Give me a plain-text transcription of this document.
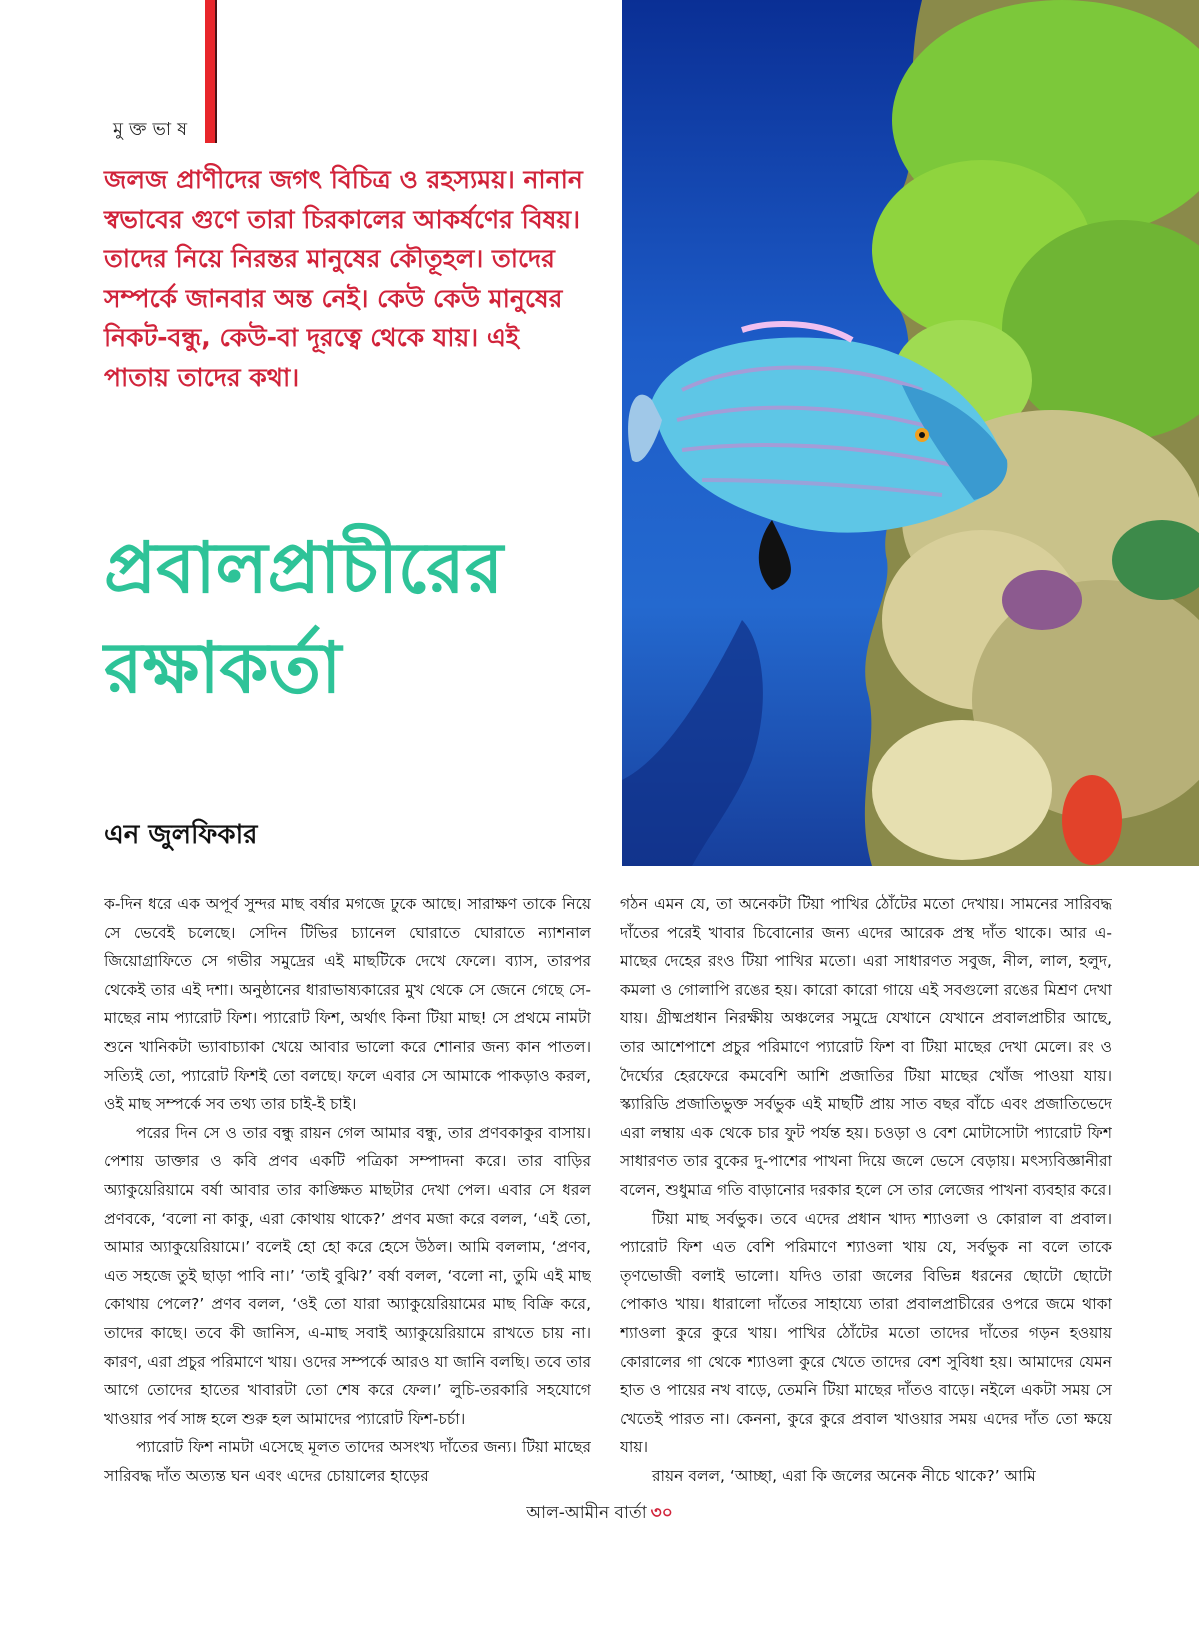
মুক্তভাষ

জলজ প্রাণীদের জগৎ বিচিত্র ও রহস্যময়। নানান স্বভাবের গুণে তারা চিরকালের আকর্ষণের বিষয়। তাদের নিয়ে নিরন্তর মানুষের কৌতূহল। তাদের সম্পর্কে জানবার অন্ত নেই। কেউ কেউ মানুষের নিকট-বন্ধু, কেউ-বা দূরত্বে থেকে যায়। এই পাতায় তাদের কথা।

প্রবালপ্রাচীরের
রক্ষাকর্তা
এন জুলফিকার

ক-দিন ধরে এক অপূর্ব সুন্দর মাছ বর্ষার মগজে ঢুকে আছে। সারাক্ষণ তাকে নিয়ে সে ভেবেই চলেছে। সেদিন টিভির চ্যানেল ঘোরাতে ঘোরাতে ন্যাশনাল জিয়োগ্রাফিতে সে গভীর সমুদ্রের এই মাছটিকে দেখে ফেলে। ব্যাস, তারপর থেকেই তার এই দশা। অনুষ্ঠানের ধারাভাষ্যকারের মুখ থেকে সে জেনে গেছে সে-মাছের নাম প্যারোট ফিশ। প্যারোট ফিশ, অর্থাৎ কিনা টিয়া মাছ! সে প্রথমে নামটা শুনে খানিকটা ভ্যাবাচ্যাকা খেয়ে আবার ভালো করে শোনার জন্য কান পাতল। সত্যিই তো, প্যারোট ফিশই তো বলছে। ফলে এবার সে আমাকে পাকড়াও করল, ওই মাছ সম্পর্কে সব তথ্য তার চাই-ই চাই।

পরের দিন সে ও তার বন্ধু রায়ন গেল আমার বন্ধু, তার প্রণবকাকুর বাসায়। পেশায় ডাক্তার ও কবি প্রণব একটি পত্রিকা সম্পাদনা করে। তার বাড়ির অ্যাকুয়েরিয়ামে বর্ষা আবার তার কাঙ্ক্ষিত মাছটার দেখা পেল। এবার সে ধরল প্রণবকে, ‘বলো না কাকু, এরা কোথায় থাকে?’ প্রণব মজা করে বলল, ‘এই তো, আমার অ্যাকুয়েরিয়ামে।’ বলেই হো হো করে হেসে উঠল। আমি বললাম, ‘প্রণব, এত সহজে তুই ছাড়া পাবি না।’ ‘তাই বুঝি?’ বর্ষা বলল, ‘বলো না, তুমি এই মাছ কোথায় পেলে?’ প্রণব বলল, ‘ওই তো যারা অ্যাকুয়েরিয়ামের মাছ বিক্রি করে, তাদের কাছে। তবে কী জানিস, এ-মাছ সবাই অ্যাকুয়েরিয়ামে রাখতে চায় না। কারণ, এরা প্রচুর পরিমাণে খায়। ওদের সম্পর্কে আরও যা জানি বলছি। তবে তার আগে তোদের হাতের খাবারটা তো শেষ করে ফেল।’ লুচি-তরকারি সহযোগে খাওয়ার পর্ব সাঙ্গ হলে শুরু হল আমাদের প্যারোট ফিশ-চর্চা।

প্যারোট ফিশ নামটা এসেছে মূলত তাদের অসংখ্য দাঁতের জন্য। টিয়া মাছের সারিবদ্ধ দাঁত অত্যন্ত ঘন এবং এদের চোয়ালের হাড়ের

গঠন এমন যে, তা অনেকটা টিয়া পাখির ঠোঁটের মতো দেখায়। সামনের সারিবদ্ধ দাঁতের পরেই খাবার চিবোনোর জন্য এদের আরেক প্রস্থ দাঁত থাকে। আর এ-মাছের দেহের রংও টিয়া পাখির মতো। এরা সাধারণত সবুজ, নীল, লাল, হলুদ, কমলা ও গোলাপি রঙের হয়। কারো কারো গায়ে এই সবগুলো রঙের মিশ্রণ দেখা যায়। গ্রীষ্মপ্রধান নিরক্ষীয় অঞ্চলের সমুদ্রে যেখানে যেখানে প্রবালপ্রাচীর আছে, তার আশেপাশে প্রচুর পরিমাণে প্যারোট ফিশ বা টিয়া মাছের দেখা মেলে। রং ও দৈর্ঘ্যের হেরফেরে কমবেশি আশি প্রজাতির টিয়া মাছের খোঁজ পাওয়া যায়। স্ক্যারিডি প্রজাতিভুক্ত সর্বভুক এই মাছটি প্রায় সাত বছর বাঁচে এবং প্রজাতিভেদে এরা লম্বায় এক থেকে চার ফুট পর্যন্ত হয়। চওড়া ও বেশ মোটাসোটা প্যারোট ফিশ সাধারণত তার বুকের দু-পাশের পাখনা দিয়ে জলে ভেসে বেড়ায়। মৎস্যবিজ্ঞানীরা বলেন, শুধুমাত্র গতি বাড়ানোর দরকার হলে সে তার লেজের পাখনা ব্যবহার করে।

টিয়া মাছ সর্বভুক। তবে এদের প্রধান খাদ্য শ্যাওলা ও কোরাল বা প্রবাল। প্যারোট ফিশ এত বেশি পরিমাণে শ্যাওলা খায় যে, সর্বভুক না বলে তাকে তৃণভোজী বলাই ভালো। যদিও তারা জলের বিভিন্ন ধরনের ছোটো ছোটো পোকাও খায়। ধারালো দাঁতের সাহায্যে তারা প্রবালপ্রাচীরের ওপরে জমে থাকা শ্যাওলা কুরে কুরে খায়। পাখির ঠোঁটের মতো তাদের দাঁতের গড়ন হওয়ায় কোরালের গা থেকে শ্যাওলা কুরে খেতে তাদের বেশ সুবিধা হয়। আমাদের যেমন হাত ও পায়ের নখ বাড়ে, তেমনি টিয়া মাছের দাঁতও বাড়ে। নইলে একটা সময় সে খেতেই পারত না। কেননা, কুরে কুরে প্রবাল খাওয়ার সময় এদের দাঁত তো ক্ষয়ে যায়।

রায়ন বলল, ‘আচ্ছা, এরা কি জলের অনেক নীচে থাকে?’ আমি

আল-আমীন বার্তা ৩০
